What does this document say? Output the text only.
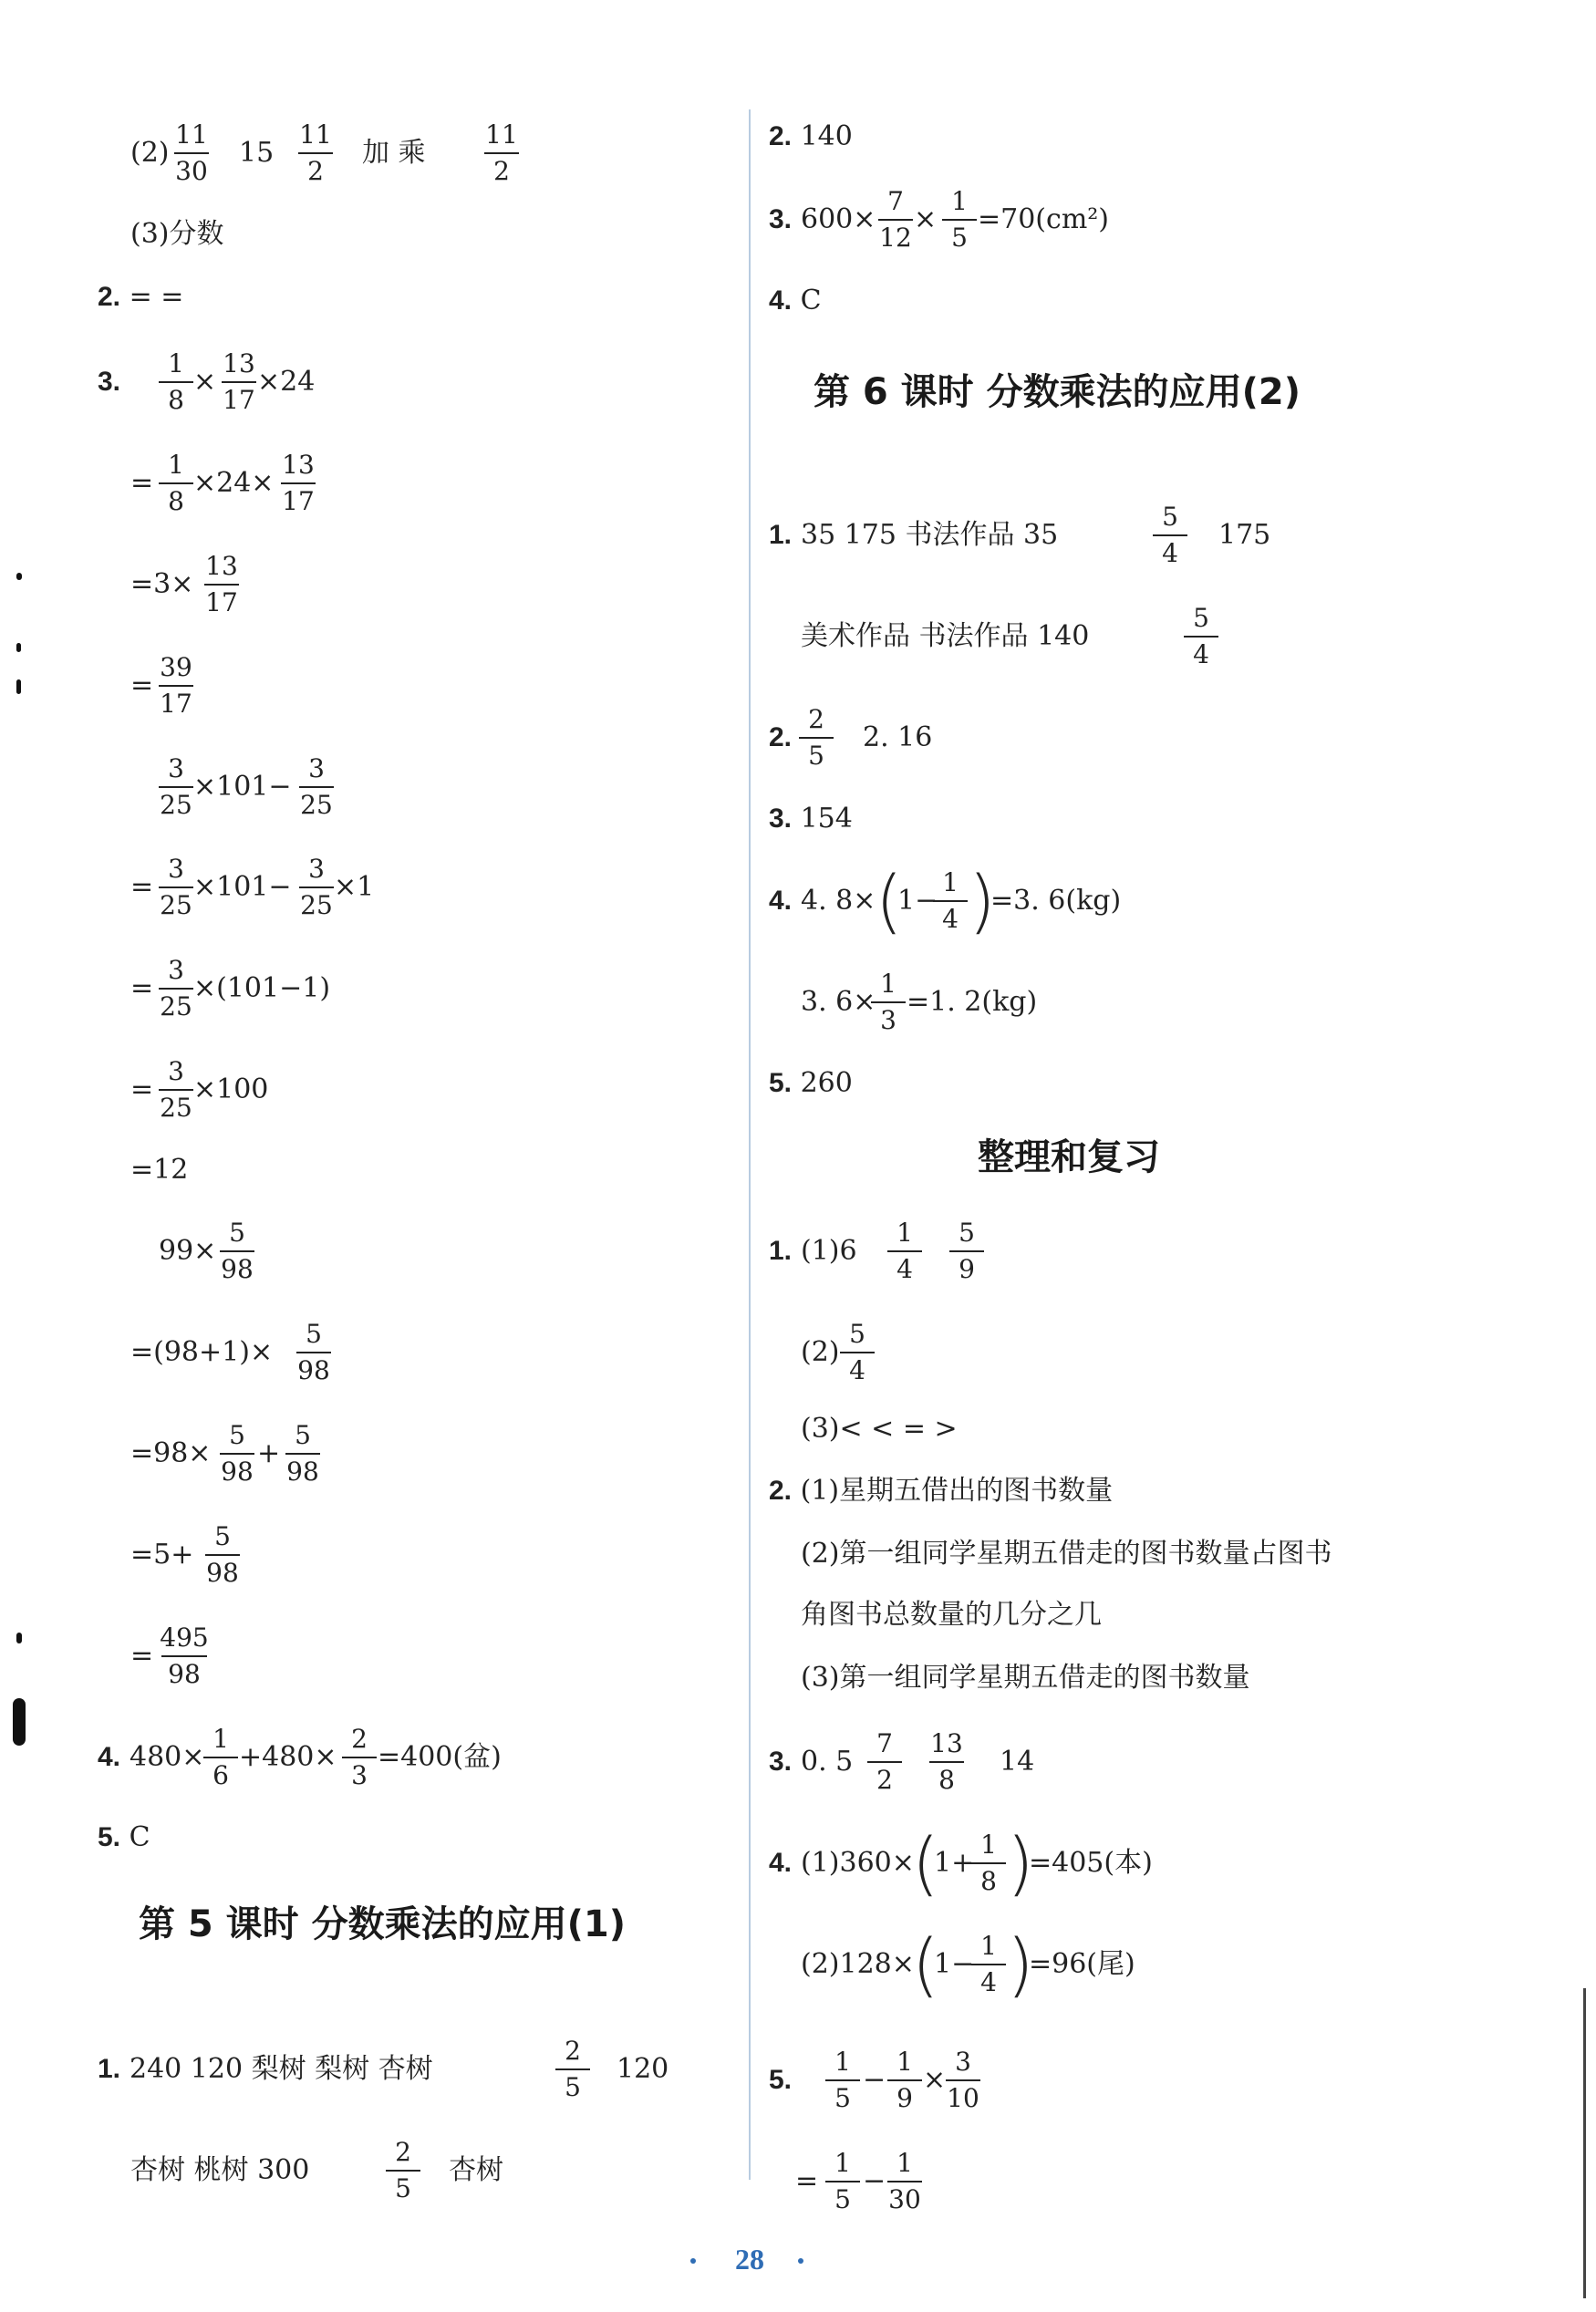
(2)
11
30
15
11
2
加 乘
11
2
(3)分数
2. = =
3.
1
8
×
13
17
×24
=
1
8
×24×
13
17
=3×
13
17
=
39
17
3
25
×101−
3
25
=
3
25
×101−
3
25
×1
=
3
25
×(101−1)
=
3
25
×100
=12
99×
5
98
=(98+1)×
5
98
=98×
5
98
+
5
98
=5+
5
98
=
495
98
4. 480×
1
6
+480×
2
3
=400(盆)
5. C
第 5 课时 分数乘法的应用(1)
1. 240 120 梨树 梨树 杏树
2
5
120
杏树 桃树 300
2
5
杏树
2. 140
3. 600×
7
12
×
1
5
=70(cm²)
4. C
第 6 课时 分数乘法的应用(2)
1. 35 175 书法作品 35
5
4
175
美术作品 书法作品 140
5
4
2.
2
5
2. 16
3. 154
4. 4. 8× (
1−
1
4 )
=3. 6(kg)
3. 6×
1
3
=1. 2(kg)
5. 260
整理和复习
1. (1)6
1
4
5
9
(2)
5
4
(3)< < = >
2. (1)星期五借出的图书数量
(2)第一组同学星期五借走的图书数量占图书
角图书总数量的几分之几
(3)第一组同学星期五借走的图书数量
3. 0. 5
7
2
13
8
14
4. (1)360×
(
1+
1
8 )
=405(本)
(2)128×
(
1−
1
4 )
=96(尾)
5.
1
5
−
1
9
×
3
10
=
1
5
−
1
30
28
